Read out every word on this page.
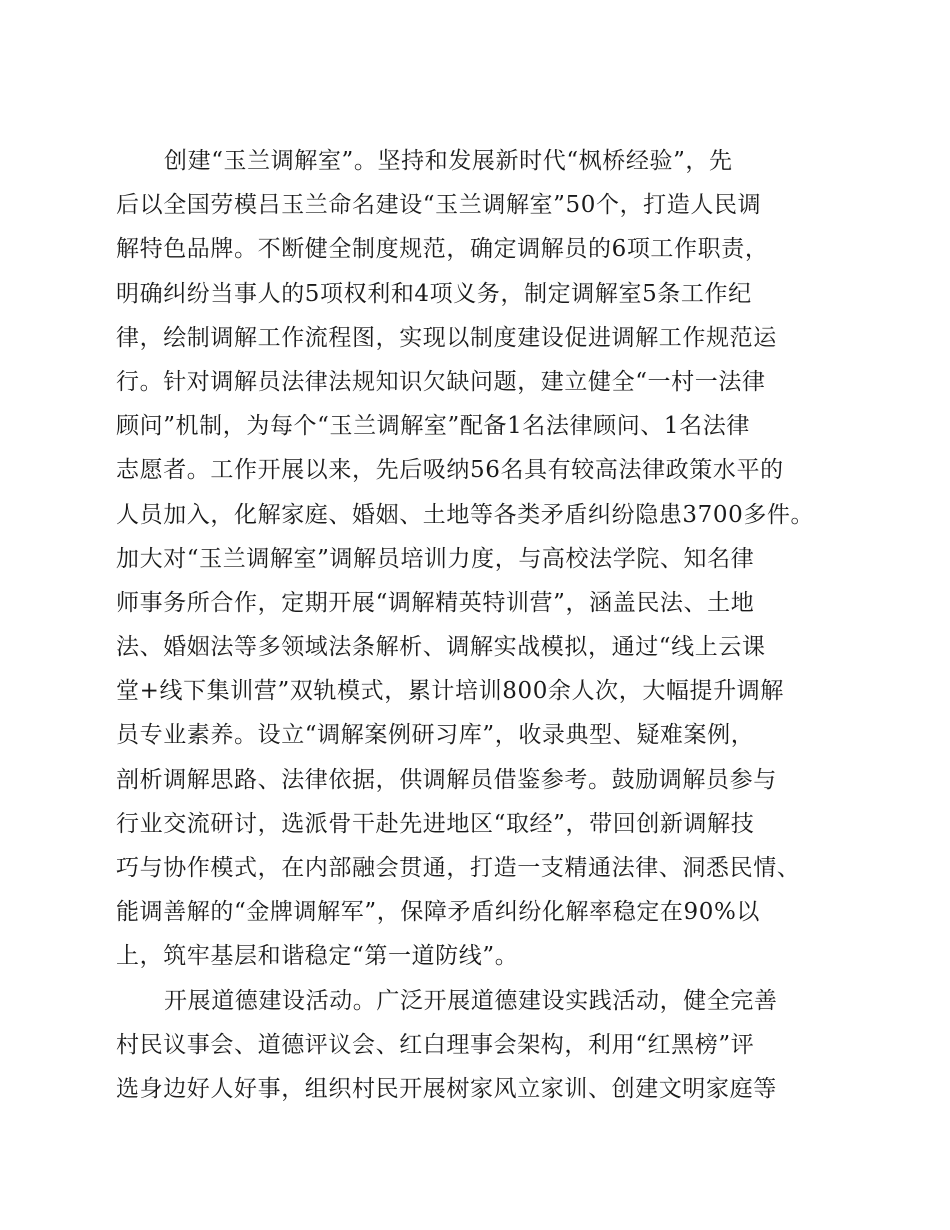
创建“玉兰调解室”。坚持和发展新时代“枫桥经验”，先
后以全国劳模吕玉兰命名建设“玉兰调解室”50个，打造人民调
解特色品牌。不断健全制度规范，确定调解员的6项工作职责，
明确纠纷当事人的5项权利和4项义务，制定调解室5条工作纪
律，绘制调解工作流程图，实现以制度建设促进调解工作规范运
行。针对调解员法律法规知识欠缺问题，建立健全“一村一法律
顾问”机制，为每个“玉兰调解室”配备1名法律顾问、1名法律
志愿者。工作开展以来，先后吸纳56名具有较高法律政策水平的
人员加入，化解家庭、婚姻、土地等各类矛盾纠纷隐患3700多件。
加大对“玉兰调解室”调解员培训力度，与高校法学院、知名律
师事务所合作，定期开展“调解精英特训营”，涵盖民法、土地
法、婚姻法等多领域法条解析、调解实战模拟，通过“线上云课
堂+线下集训营”双轨模式，累计培训800余人次，大幅提升调解
员专业素养。设立“调解案例研习库”，收录典型、疑难案例，
剖析调解思路、法律依据，供调解员借鉴参考。鼓励调解员参与
行业交流研讨，选派骨干赴先进地区“取经”，带回创新调解技
巧与协作模式，在内部融会贯通，打造一支精通法律、洞悉民情、
能调善解的“金牌调解军”，保障矛盾纠纷化解率稳定在90%以
上，筑牢基层和谐稳定“第一道防线”。
开展道德建设活动。广泛开展道德建设实践活动，健全完善
村民议事会、道德评议会、红白理事会架构，利用“红黑榜”评
选身边好人好事，组织村民开展树家风立家训、创建文明家庭等
